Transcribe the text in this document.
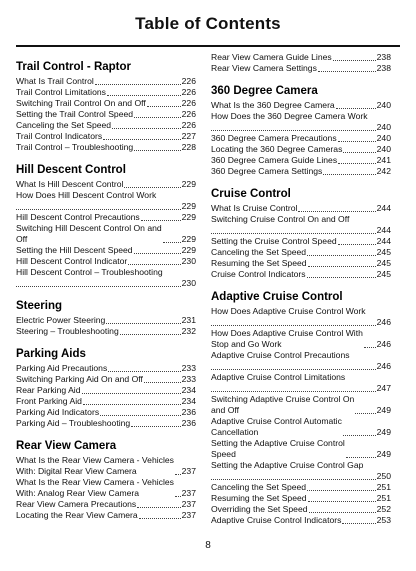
Table of Contents
Trail Control - Raptor
What Is Trail Control	226
Trail Control Limitations	226
Switching Trail Control On and Off	226
Setting the Trail Control Speed	226
Canceling the Set Speed	226
Trail Control Indicators	227
Trail Control – Troubleshooting	228
Hill Descent Control
What Is Hill Descent Control	229
How Does Hill Descent Control Work
229
Hill Descent Control Precautions	229
Switching Hill Descent Control On and
Off	229
Setting the Hill Descent Speed	229
Hill Descent Control Indicator	230
Hill Descent Control – Troubleshooting
230
Steering
Electric Power Steering	231
Steering – Troubleshooting	232
Parking Aids
Parking Aid Precautions	233
Switching Parking Aid On and Off	233
Rear Parking Aid	234
Front Parking Aid	234
Parking Aid Indicators	236
Parking Aid – Troubleshooting	236
Rear View Camera
What Is the Rear View Camera - Vehicles
With: Digital Rear View Camera	237
What Is the Rear View Camera - Vehicles
With: Analog Rear View Camera	237
Rear View Camera Precautions	237
Locating the Rear View Camera	237
Rear View Camera Guide Lines	238
Rear View Camera Settings	238
360 Degree Camera
What Is the 360 Degree Camera	240
How Does the 360 Degree Camera Work
240
360 Degree Camera Precautions	240
Locating the 360 Degree Cameras	240
360 Degree Camera Guide Lines	241
360 Degree Camera Settings	242
Cruise Control
What Is Cruise Control	244
Switching Cruise Control On and Off
244
Setting the Cruise Control Speed	244
Canceling the Set Speed	245
Resuming the Set Speed	245
Cruise Control Indicators	245
Adaptive Cruise Control
How Does Adaptive Cruise Control Work
246
How Does Adaptive Cruise Control With
Stop and Go Work	246
Adaptive Cruise Control Precautions
246
Adaptive Cruise Control Limitations
247
Switching Adaptive Cruise Control On
and Off	249
Adaptive Cruise Control Automatic
Cancellation	249
Setting the Adaptive Cruise Control
Speed	249
Setting the Adaptive Cruise Control Gap
250
Canceling the Set Speed	251
Resuming the Set Speed	251
Overriding the Set Speed	252
Adaptive Cruise Control Indicators	253
8
